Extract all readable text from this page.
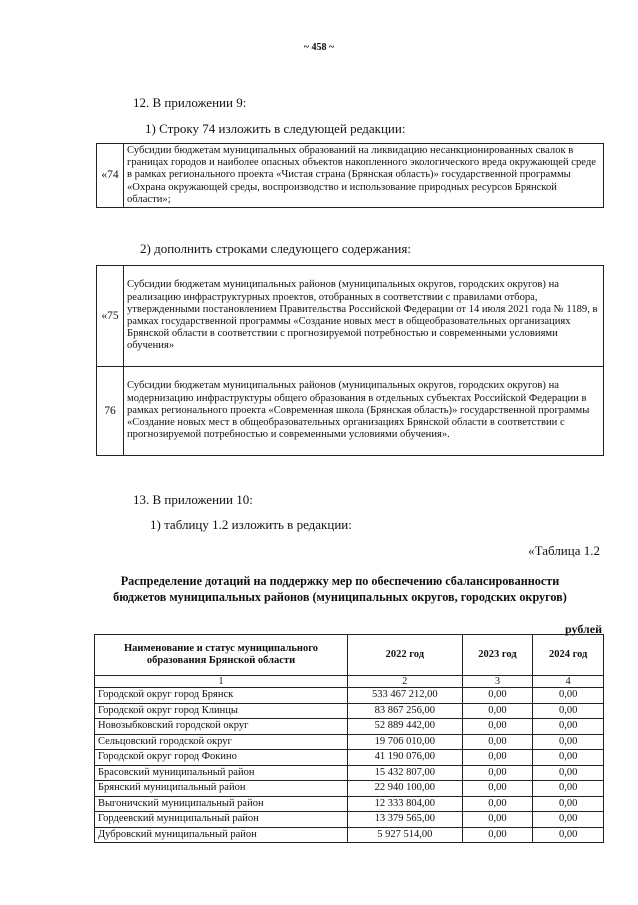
~ 458 ~
12. В приложении 9:
1) Строку 74 изложить в следующей редакции:
«74	Субсидии бюджетам муниципальных образований на ликвидацию несанкционированных свалок в границах городов и наиболее опасных объектов накопленного экологического вреда окружающей среде в рамках регионального проекта «Чистая страна (Брянская область)» государственной программы «Охрана окружающей среды, воспроизводство и использование природных ресурсов Брянской области»;
2) дополнить строками следующего содержания:
«75	Субсидии бюджетам муниципальных районов (муниципальных округов, городских округов) на реализацию инфраструктурных проектов, отобранных в соответствии с правилами отбора, утвержденными постановлением Правительства Российской Федерации от 14 июля 2021 года № 1189, в рамках государственной программы «Создание новых мест в общеобразовательных организациях Брянской области в соответствии с прогнозируемой потребностью и современными условиями обучения»
76	Субсидии бюджетам муниципальных районов (муниципальных округов, городских округов) на модернизацию инфраструктуры общего образования в отдельных субъектах Российской Федерации в рамках регионального проекта «Современная школа (Брянская область)» государственной программы «Создание новых мест в общеобразовательных организациях Брянской области в соответствии с прогнозируемой потребностью и современными условиями обучения».
13. В приложении 10:
1) таблицу 1.2 изложить в редакции:
«Таблица 1.2
Распределение дотаций на поддержку мер по обеспечению сбалансированности бюджетов муниципальных районов (муниципальных округов, городских округов)
рублей
Наименование и статус муниципального образования Брянской области	2022 год	2023 год	2024 год
1	2	3	4
Городской округ город Брянск	533 467 212,00	0,00	0,00
Городской округ город Клинцы	83 867 256,00	0,00	0,00
Новозыбковский городской округ	52 889 442,00	0,00	0,00
Сельцовский городской округ	19 706 010,00	0,00	0,00
Городской округ город Фокино	41 190 076,00	0,00	0,00
Брасовский муниципальный район	15 432 807,00	0,00	0,00
Брянский муниципальный район	22 940 100,00	0,00	0,00
Выгоничский муниципальный район	12 333 804,00	0,00	0,00
Гордеевский муниципальный район	13 379 565,00	0,00	0,00
Дубровский муниципальный район	5 927 514,00	0,00	0,00
